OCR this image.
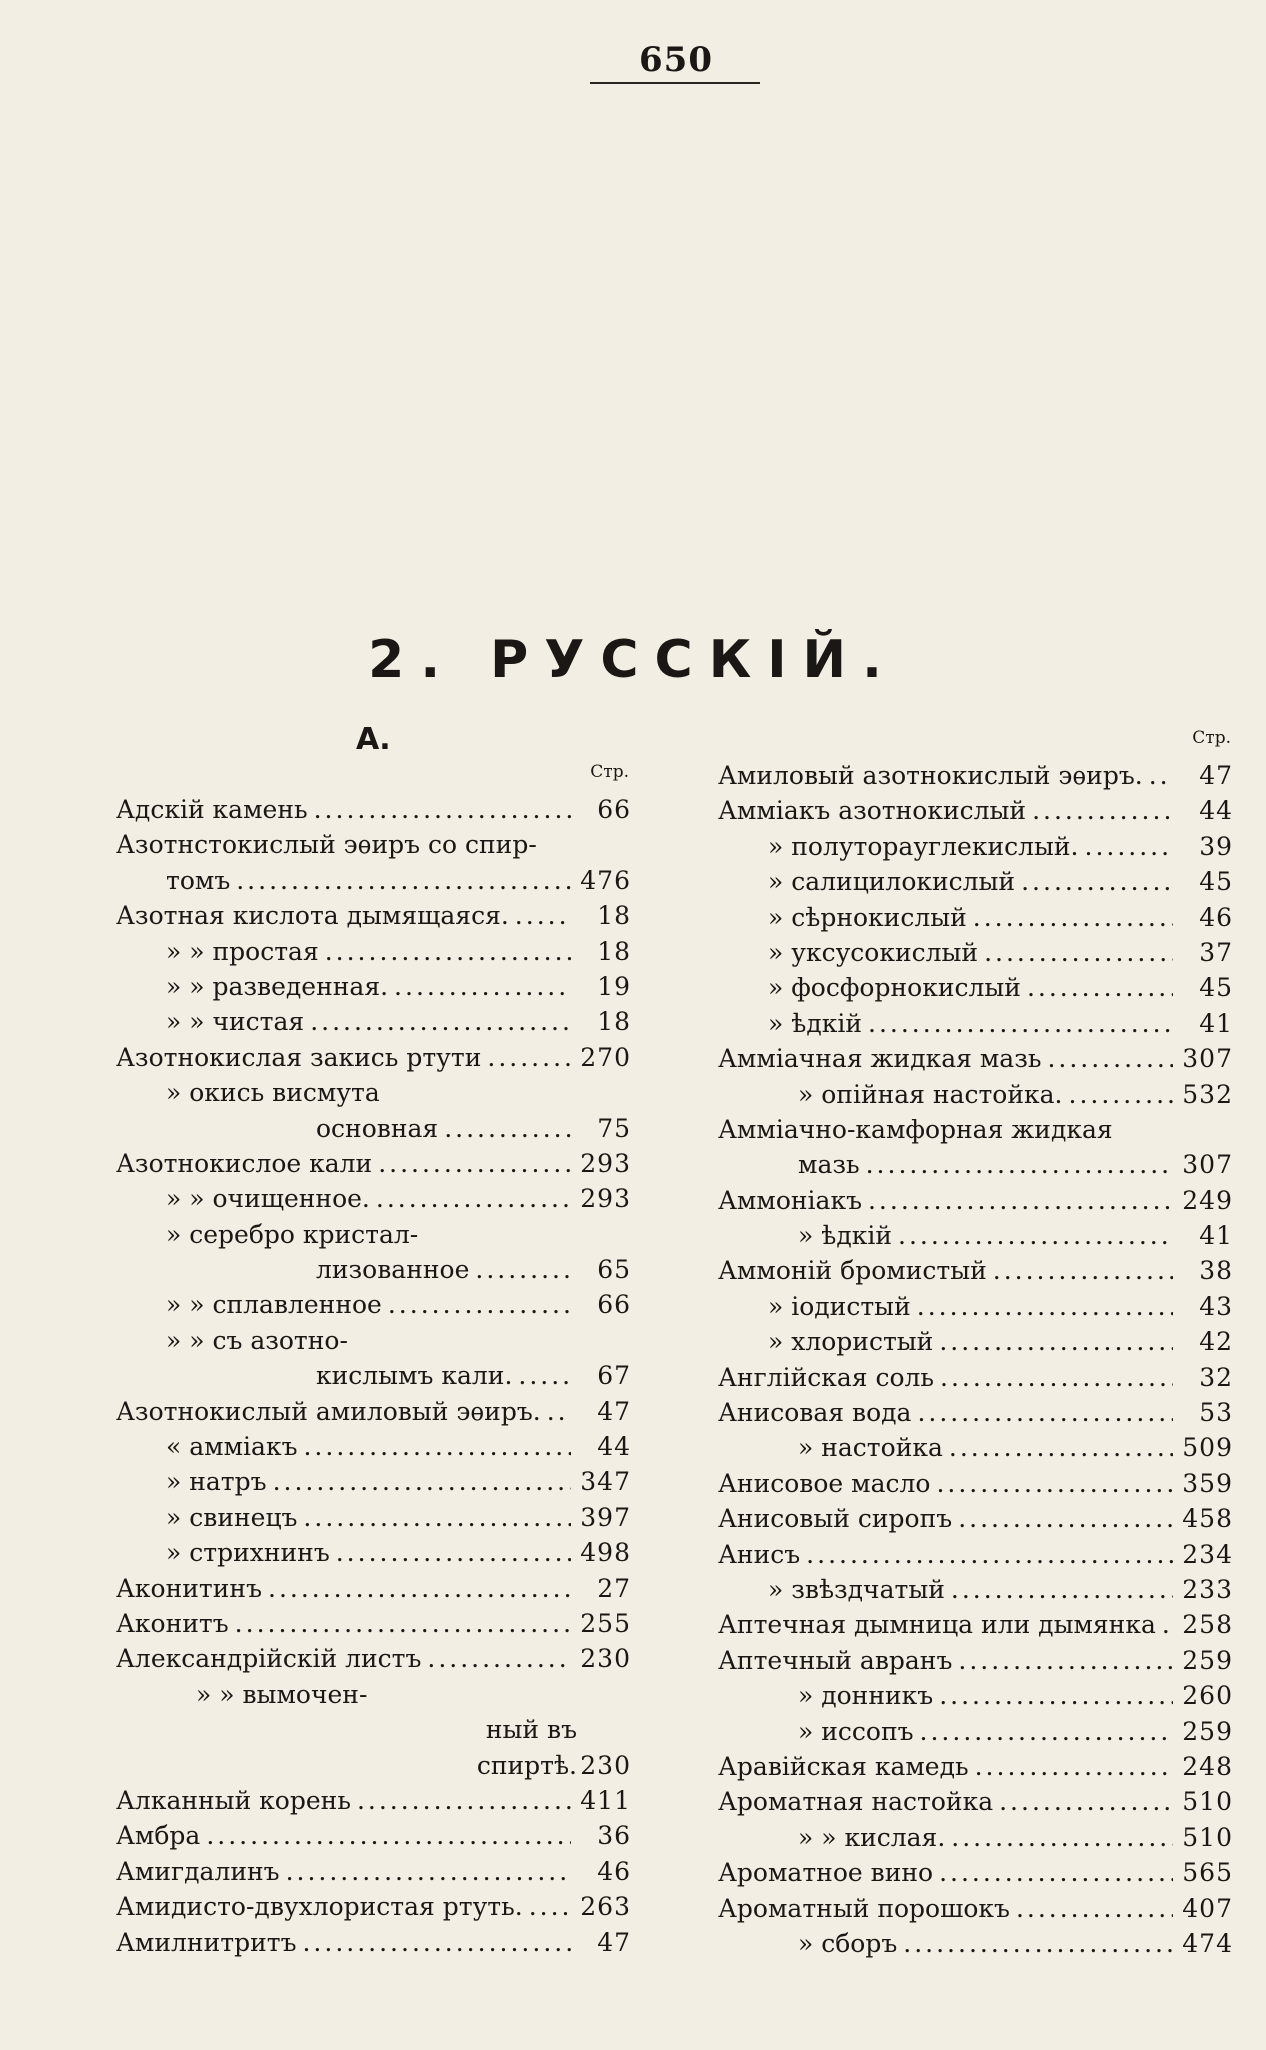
650
2. РУССКІЙ.
А.
Стр.
Адскій камень .....	66
Азотнстокислый эѳиръ со спир-
томъ .....	476
Азотная кислота дымящаяся. .....	18
» » простая .....	18
» » разведенная. .....	19
» » чистая .....	18
Азотнокислая закись ртути .....	270
» окись висмута
основная .....	75
Азотнокислое кали .....	293
» » очищенное. .....	293
» серебро кристал-
лизованное .....	65
» » сплавленное .....	66
» » съ азотно-
кислымъ кали. .....	67
Азотнокислый амиловый эѳиръ. .....	47
« амміакъ .....	44
» натръ .....	347
» свинецъ .....	397
» стрихнинъ .....	498
Аконитинъ .....	27
Аконитъ .....	255
Александрійскій листъ .....	230
» » вымочен-
ный въ
спиртѣ. 230
Алканный корень .....	411
Амбра .....	36
Амигдалинъ .....	46
Амидисто-двухлористая ртуть. ..... 263
Амилнитритъ .....	47
Стр.
Амиловый азотнокислый эѳиръ. .....	47
Амміакъ азотнокислый .....	44
» полуторауглекислый. .....	39
» салицилокислый .....	45
» сѣрнокислый .....	46
» уксусокислый .....	37
» фосфорнокислый .....	45
» ѣдкій .....	41
Амміачная жидкая мазь .....	307
» опійная настойка. .....	532
Амміачно-камфорная жидкая
мазь .....	307
Аммоніакъ .....	249
» ѣдкій .....	41
Аммоній бромистый .....	38
» іодистый .....	43
» хлористый .....	42
Англійская соль .....	32
Анисовая вода .....	53
» настойка .....	509
Анисовое масло .....	359
Анисовый сиропъ .....	458
Анисъ .....	234
» звѣздчатый .....	233
Аптечная дымница или дымянка ..... 258
Аптечный авранъ .....	259
» донникъ .....	260
» иссопъ .....	259
Аравійская камедь .....	248
Ароматная настойка .....	510
» » кислая. .....	510
Ароматное вино .....	565
Ароматный порошокъ .....	407
» сборъ .....	474
